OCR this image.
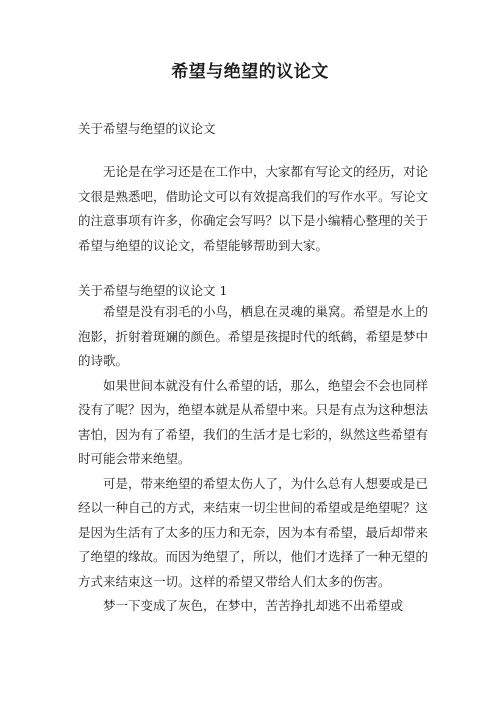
希望与绝望的议论文
关于希望与绝望的议论文

无论是在学习还是在工作中，大家都有写论文的经历，对论文很是熟悉吧，借助论文可以有效提高我们的写作水平。写论文的注意事项有许多，你确定会写吗？以下是小编精心整理的关于希望与绝望的议论文，希望能够帮助到大家。

关于希望与绝望的议论文 1

希望是没有羽毛的小鸟，栖息在灵魂的巢窝。希望是水上的泡影，折射着斑斓的颜色。希望是孩提时代的纸鹤，希望是梦中的诗歌。

如果世间本就没有什么希望的话，那么，绝望会不会也同样没有了呢？因为，绝望本就是从希望中来。只是有点为这种想法害怕，因为有了希望，我们的生活才是七彩的，纵然这些希望有时可能会带来绝望。

可是，带来绝望的希望太伤人了，为什么总有人想要或是已经以一种自己的方式，来结束一切尘世间的希望或是绝望呢？这是因为生活有了太多的压力和无奈，因为本有希望，最后却带来了绝望的缘故。而因为绝望了，所以，他们才选择了一种无望的方式来结束这一切。这样的希望又带给人们太多的伤害。

梦一下变成了灰色，在梦中，苦苦挣扎却逃不出希望或
